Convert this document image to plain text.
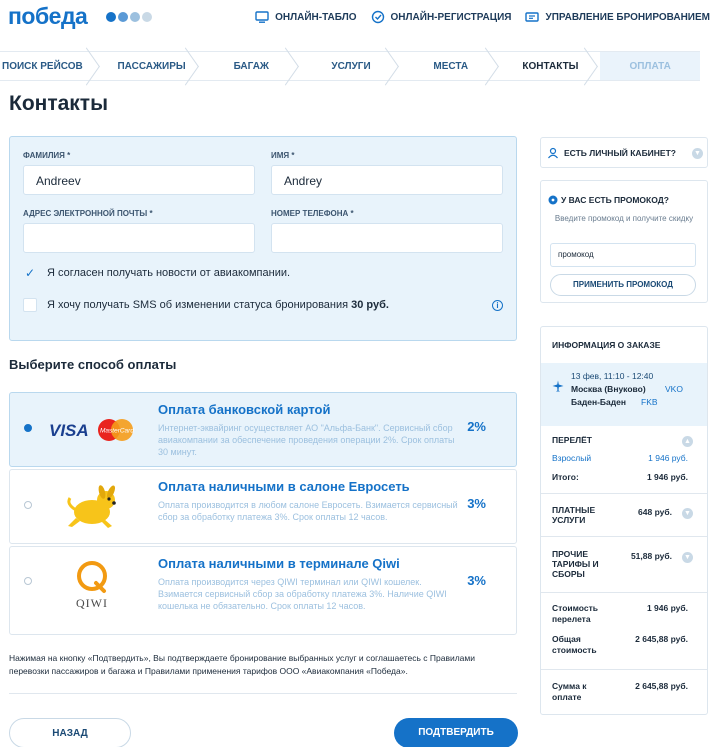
победа	ОНЛАЙН-ТАБЛО	ОНЛАЙН-РЕГИСТРАЦИЯ	УПРАВЛЕНИЕ БРОНИРОВАНИЕМ
ПОИСК РЕЙСОВ	ПАССАЖИРЫ	БАГАЖ	УСЛУГИ	МЕСТА	КОНТАКТЫ	ОПЛАТА
Контакты
ФАМИЛИЯ *
Andreev
ИМЯ *
Andrey
АДРЕС ЭЛЕКТРОННОЙ ПОЧТЫ *	НОМЕР ТЕЛЕФОНА *
✓ Я согласен получать новости от авиакомпании.
Я хочу получать SMS об изменении статуса бронирования 30 руб.	i
Выберите способ оплаты
VISA MasterCard
Оплата банковской картой
Интернет-эквайринг осуществляет АО "Альфа-Банк". Сервисный сбор авиакомпании за обеспечение проведения операции 2%. Срок оплаты 30 минут.
2%
Оплата наличными в салоне Евросеть
Оплата производится в любом салоне Евросеть. Взимается сервисный сбор за обработку платежа 3%. Срок оплаты 12 часов.
3%
QIWI
Оплата наличными в терминале Qiwi
Оплата производится через QIWI терминал или QIWI кошелек. Взимается сервисный сбор за обработку платежа 3%. Наличие QIWI кошелька не обязательно. Срок оплаты 12 часов.
3%
Нажимая на кнопку «Подтвердить», Вы подтверждаете бронирование выбранных услуг и соглашаетесь с Правилами перевозки пассажиров и багажа и Правилами применения тарифов ООО «Авиакомпания «Победа».
НАЗАД	ПОДТВЕРДИТЬ
ЕСТЬ ЛИЧНЫЙ КАБИНЕТ?	▼
У ВАС ЕСТЬ ПРОМОКОД?
Введите промокод и получите скидку
промокод
ПРИМЕНИТЬ ПРОМОКОД
ИНФОРМАЦИЯ О ЗАКАЗЕ
13 фев, 11:10 - 12:40
Москва (Внуково) VKO
Баден-Баден FKB
ПЕРЕЛЁТ	▲
Взрослый	1 946 руб.
Итого:	1 946 руб.
ПЛАТНЫЕ УСЛУГИ
648 руб. ▼
ПРОЧИЕ ТАРИФЫ И СБОРЫ
51,88 руб. ▼
Стоимость перелета
1 946 руб.
Общая стоимость
2 645,88 руб.
Сумма к оплате
2 645,88 руб.
